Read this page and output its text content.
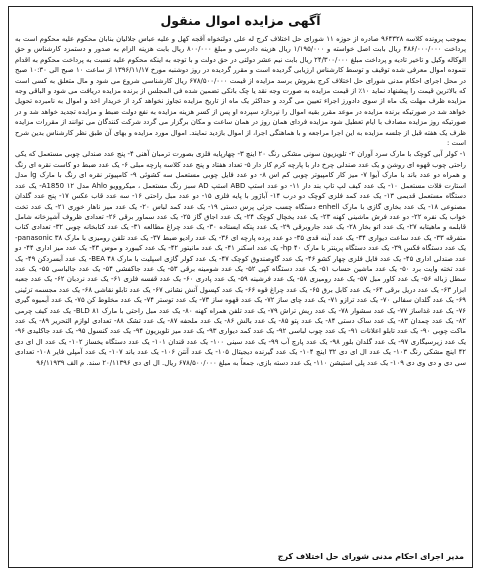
آگهی مزایده اموال منقول

بموجب پرونده کلاسه ۹۶۴۳۲۸ صادره از حوزه ۱۱ شورای حل اختلاف کرج له علی دولتخواه آقجه کهل و علیه عباس جلالیان بنابان محکوم علیه محکوم است به پرداخت ۴۸۶/۰۰۰/۰۰۰ ریال بابت اصل خواسته و ۱/۱۹۵/۰۰۰ ریال هزینه دادرسی و مبلغ ۸۰۰/۰۰۰ ریال بابت هزینه الزام به صدور و دستمزد کارشناس و حق الوکاله وکیل و تاخیر تادیه و پرداخت مبلغ ۲۴/۳۰۰/۰۰۰ ریال بابت نیم عشر دولتی در حق دولت و با توجه به اینکه محکوم علیه نسبت به پرداخت محکوم به اقدام ننموده اموال معرفی شده توقیف و توسط کارشناس ارزیابی گردیده است و مقرر گردیده در روز دوشنبه مورخ ۱۳۹۶/۱۱/۱۷ از ساعت ۱۰ صبح الی ۱۰:۳۰ صبح در محل اجرای احکام مدنی شورای حل اختلاف کرج بفروش برسد مزایده از قیمت ۶۷۸/۵۰۰/۰۰۰ ریال کارشناسی شروع می شود و مال متعلق به کسی است که بالاترین قیمت را پیشنهاد نماید ۱۰٪ از قیمت مزایده به صورت وجه نقد یا چک بانکی تضمین شده فی المجلس از برنده مزایده دریافت می شود و الباقی وجه مزایده ظرف مهلت یک ماه از سوی دادورز اجراء تعیین می گردد و حداکثر یک ماه از تاریخ مزایده تجاوز نخواهد کرد از خریدار اخذ و اموال به نامبرده تحویل خواهد شد در صورتیکه برنده مزایده در موعد مقرر بقیه اموال را نپردازد سپرده او پس از کسر هزینه مزایده به نفع دولت ضبط و مزایده تجدید خواهد شد و در صورتیکه روز مزایده مصادف با ایام تعطیل شود مزایده فردای همان روز در همان ساعت و مکان برگزار می گردد شرکت کنندگان می توانند از مقررات مزایده ظرف یک هفته قبل از جلسه مزایده به این اجرا مراجعه و با هماهنگی اجرا، از اموال بازدید نمایند. اموال مورد مزایده و بهای آن طبق نظر کارشناس بدین شرح است :

۱- کولر آبی کوچک با مارک سرد آوران ۲- تلویزیون سونی مشکی رنگ ۲۰ اینچ ۳- چهارپایه فلزی بصورت ترمبان آهنی ۴- پنج عدد صندلی چوبی مستعمل که یکی راحتی چوب قهوه ای روشن و یک عدد صندلی چرخ دار با پارچه کرم کار دار ۵- تعداد هفتاد و پنج عدد کلاسه پارچه مبلی ۶- یک عدد ضبط دو کاست نقره ای رنگ و همراه دو عدد باند با مارک آیوا ۷- میز کار کامپیوتر چوبی کم اس ۸- دو عدد فایل چوبی مستعمل سه کشوئی ۹- کامپیوتر نقره ای رنگ با مارک lg مدل استارت فلات مستعمل ۱۰- یک عدد کیف لپ تاپ بند دار ۱۱- دو عدد استپ ABD استپ AD سبز رنگ مستعمل ، میکروویو Ahlo مدل A1850 ۱۲- یک عدد دستگاه مستعمل قدیمی ۱۳- یک عدد کمد فلزی کوچک دو درب ۱۴- آباژور با پایه فلزی ۱۵- دو عدد مبل راحتی ۱۶- سه عدد قاب عکس ۱۷- پنج عدد گلدان مصنوعی ۱۸- یک عدد بخاری گازی با مارک enhell دستگاه چسب جزئی پرس دستی ۱۹- یک عدد کمد لباس ۲۰- یک عدد میز ناهار خوری ۲۱- یک عدد تخت خواب یک نفره ۲۲- دو عدد فرش ماشینی کهنه ۲۳- یک عدد یخچال کوچک ۲۴- یک عدد اجاق گاز ۲۵- یک عدد سماور برقی ۲۶- تعدادی ظروف آشپزخانه شامل قابلمه و ماهیتابه ۲۷- یک عدد اتو بخار ۲۸- یک عدد جاروبرقی ۲۹- یک عدد پنکه ایستاده ۳۰- یک عدد چراغ مطالعه ۳۱- یک عدد کتابخانه چوبی ۳۲- تعدادی کتاب متفرقه ۳۳- یک عدد ساعت دیواری ۳۴- یک عدد آینه قدی ۳۵- دو عدد پرده پارچه ای ۳۶- یک عدد رادیو ضبط ۳۷- یک عدد تلفن رومیزی با مارک panasonic ۳۸- یک عدد دستگاه فکس ۳۹- یک عدد دستگاه پرینتر با مارک hp ۴۰- یک عدد اسکنر ۴۱- یک عدد مانیتور ۴۲- یک عدد کیبورد و موس ۴۳- یک عدد میز اداری ۴۴- دو عدد صندلی اداری ۴۵- یک عدد فایل فلزی چهار کشو ۴۶- یک عدد گاوصندوق کوچک ۴۷- یک عدد کولر گازی اسپلیت با مارک BEA ۴۸- یک عدد آبسردکن ۴۹- یک عدد تخته وایت برد ۵۰- یک عدد ماشین حساب ۵۱- یک عدد دستگاه کپی ۵۲- یک عدد شومینه برقی ۵۳- یک عدد جاکفشی ۵۴- یک عدد جالباسی ۵۵- یک عدد سطل زباله ۵۶- یک عدد کاور مبل ۵۷- یک عدد رومیزی ۵۸- یک عدد فرشینه ۵۹- یک عدد پادری ۶۰- یک عدد قفسه فلزی ۶۱- یک عدد نردبان ۶۲- یک عدد جعبه ابزار ۶۳- یک عدد دریل برقی ۶۴- یک عدد کابل برق ۶۵- یک عدد چراغ قوه ۶۶- یک عدد کپسول آتش نشانی ۶۷- یک عدد تابلو نقاشی ۶۸- یک عدد مجسمه تزئینی ۶۹- یک عدد گلدان سفالی ۷۰- یک عدد ترازو ۷۱- یک عدد چای ساز ۷۲- یک عدد قهوه ساز ۷۳- یک عدد توستر ۷۴- یک عدد مخلوط کن ۷۵- یک عدد آبمیوه گیری ۷۶- یک عدد غذاساز ۷۷- یک عدد سشوار ۷۸- یک عدد ریش تراش ۷۹- یک عدد تلفن همراه کهنه ۸۰- یک عدد مبل راحتی با مارک BLD ۸۱- یک عدد کیف چرمی ۸۲- یک عدد چمدان ۸۳- یک عدد ساک دستی ۸۴- یک عدد پتو ۸۵- یک عدد بالش ۸۶- یک عدد ملحفه ۸۷- یک عدد تشک ۸۸- تعدادی لوازم التحریر ۸۹- یک عدد ماکت چوبی ۹۰- یک عدد تابلو اعلانات ۹۱- یک عدد چوب لباسی ۹۲- یک عدد کمد دیواری ۹۳- یک عدد میز تلویزیون ۹۴- یک عدد کنسول ۹۵- یک عدد جاکلیدی ۹۶- یک عدد زیرسیگاری ۹۷- یک عدد گلدان بلور ۹۸- یک عدد پارچ آب ۹۹- یک عدد سینی ۱۰۰- یک عدد قندان ۱۰۱- یک عدد دستگاه یخساز ۱۰۲- یک عدد ال ای دی ۴۲ اینچ مشکی رنگ ۱۰۳- یک عدد ال ای دی ۳۲ اینچ ۱۰۴- یک عدد گیرنده دیجیتال ۱۰۵- یک عدد آنتن ۱۰۶- یک عدد باند ۱۰۷- یک عدد آمپلی فایر ۱۰۸- تعدادی سی دی و دی وی دی ۱۰۹- یک عدد پلی استیشن ۱۱۰- یک عدد دسته بازی، جمعاً به مبلغ ۶۷۸/۵۰۰/۰۰۰ ریال. ال ای دی ۲۰/۱۱۳۹۶ سند. م الف ۹۶/۱۱۹۳۹

مدیر اجرای احکام مدنی شورای حل اختلاف کرج
